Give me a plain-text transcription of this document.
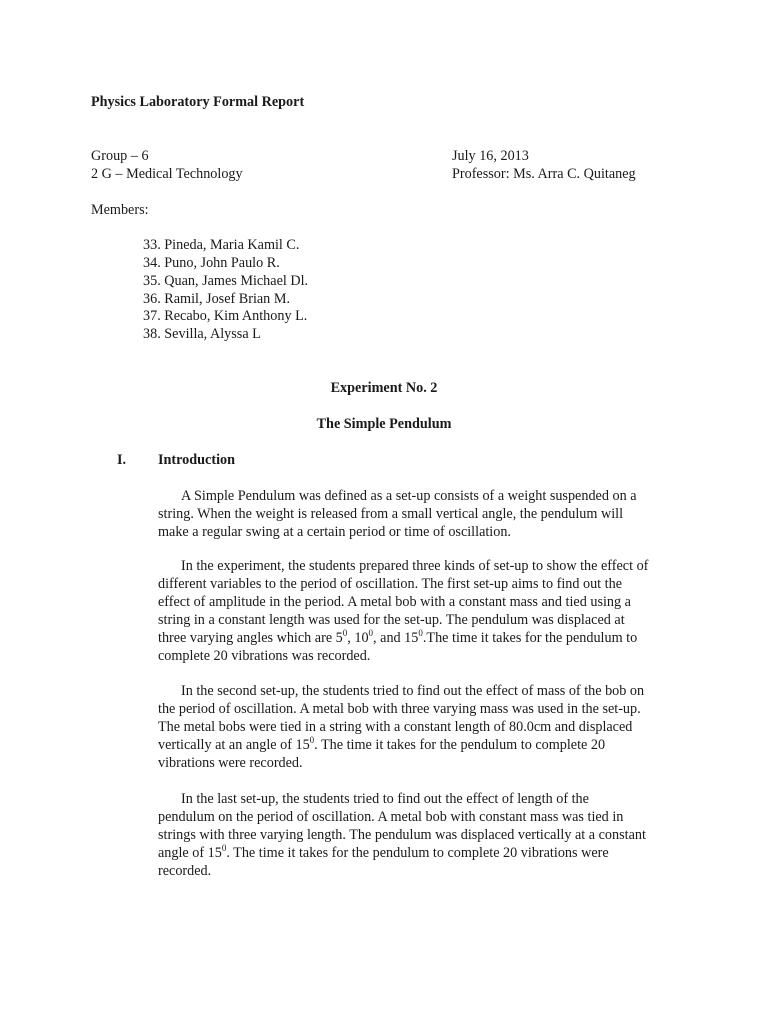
Physics Laboratory Formal Report

Group – 6

2 G – Medical Technology

July 16, 2013

Professor: Ms. Arra C. Quitaneg

Members:

33. Pineda, Maria Kamil C.

34. Puno, John Paulo R.

35. Quan, James Michael Dl.

36. Ramil, Josef Brian M.

37. Recabo, Kim Anthony L.

38. Sevilla, Alyssa L

Experiment No. 2

The Simple Pendulum

I. Introduction

A Simple Pendulum was defined as a set-up consists of a weight suspended on a
string. When the weight is released from a small vertical angle, the pendulum will
make a regular swing at a certain period or time of oscillation.
In the experiment, the students prepared three kinds of set-up to show the effect of
different variables to the period of oscillation. The first set-up aims to find out the
effect of amplitude in the period. A metal bob with a constant mass and tied using a
string in a constant length was used for the set-up. The pendulum was displaced at
three varying angles which are $5^0$, $10^0$, and $15^0.The$ time it takes for the pendulum to
complete 20 vibrations was recorded.
In the second set-up, the students tried to find out the effect of mass of the bob on
the period of oscillation. A metal bob with three varying mass was used in the set-up.
The metal bobs were tied in a string with a constant length of 80.0cm and displaced
vertically at an angle of $15^0$. The time it takes for the pendulum to complete 20
vibrations were recorded.
In the last set-up, the students tried to find out the effect of length of the
pendulum on the period of oscillation. A metal bob with constant mass was tied in
strings with three varying length. The pendulum was displaced vertically at a constant
angle of $15^0$. The time it takes for the pendulum to complete 20 vibrations were
recorded.
